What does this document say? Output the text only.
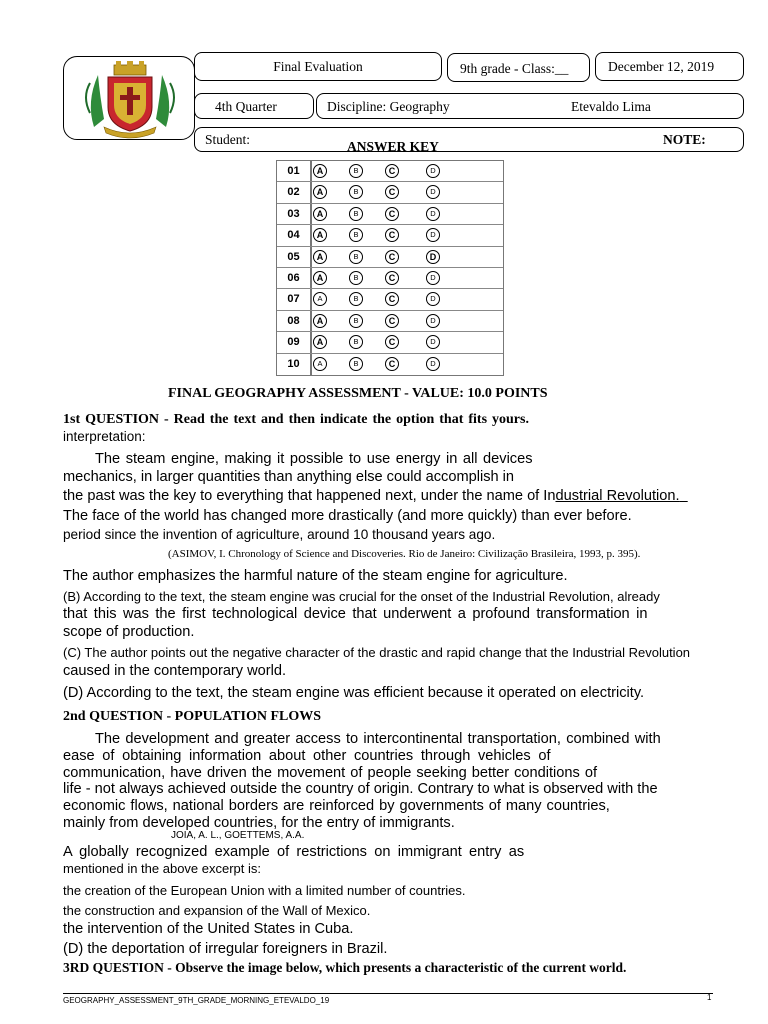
Final Evaluation	9th grade - Class:__	December 12, 2019
4th Quarter	Discipline: Geography	Etevaldo Lima
Student:	NOTE:
ANSWER KEY
01	A	B	C	D
02	A	B	C	D
03	A	B	C	D
04	A	B	C	D
05	A	B	C	D
06	A	B	C	D
07	A	B	C	D
08	A	B	C	D
09	A	B	C	D
10	A	B	C	D
FINAL GEOGRAPHY ASSESSMENT - VALUE: 10.0 POINTS
1st QUESTION - Read the text and then indicate the option that fits yours.
interpretation:
The steam engine, making it possible to use energy in all devices
mechanics, in larger quantities than anything else could accomplish in
the past was the key to everything that happened next, under the name of Industrial Revolution.
The face of the world has changed more drastically (and more quickly) than ever before.
period since the invention of agriculture, around 10 thousand years ago.
(ASIMOV, I. Chronology of Science and Discoveries. Rio de Janeiro: Civilização Brasileira, 1993, p. 395).
The author emphasizes the harmful nature of the steam engine for agriculture.
(B) According to the text, the steam engine was crucial for the onset of the Industrial Revolution, already
that this was the first technological device that underwent a profound transformation in
scope of production.
(C) The author points out the negative character of the drastic and rapid change that the Industrial Revolution
caused in the contemporary world.
(D) According to the text, the steam engine was efficient because it operated on electricity.
2nd QUESTION - POPULATION FLOWS
The development and greater access to intercontinental transportation, combined with
ease of obtaining information about other countries through vehicles of
communication, have driven the movement of people seeking better conditions of
life - not always achieved outside the country of origin. Contrary to what is observed with the
economic flows, national borders are reinforced by governments of many countries,
mainly from developed countries, for the entry of immigrants.
JOIA, A. L., GOETTEMS, A.A.
A globally recognized example of restrictions on immigrant entry as
mentioned in the above excerpt is:
the creation of the European Union with a limited number of countries.
the construction and expansion of the Wall of Mexico.
the intervention of the United States in Cuba.
(D) the deportation of irregular foreigners in Brazil.
3RD QUESTION - Observe the image below, which presents a characteristic of the current world.
GEOGRAPHY_ASSESSMENT_9TH_GRADE_MORNING_ETEVALDO_19	1
